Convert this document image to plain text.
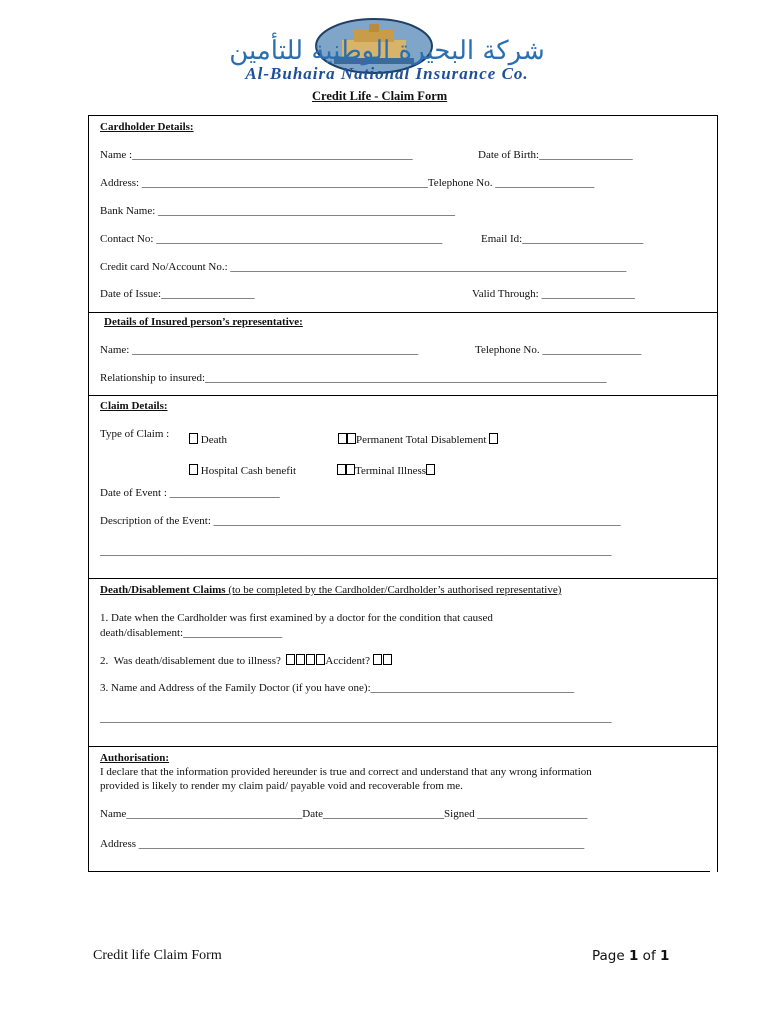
شركة البحيرة الوطنية للتأمين
Al-Buhaira National Insurance Co.
Credit Life - Claim Form
Cardholder Details:
Name :___________________________________________________	Date of Birth:_________________
Address: ____________________________________________________Telephone No. __________________
Bank Name: ______________________________________________________
Contact No: ____________________________________________________	Email Id:______________________
Credit card No/Account No.: ________________________________________________________________________
Date of Issue:_________________	Valid Through: _________________
Details of Insured person’s representative:
Name: ____________________________________________________	Telephone No. __________________
Relationship to insured:_________________________________________________________________________
Claim Details:
Type of Claim :	Death	Permanent Total Disablement
Hospital Cash benefit	Terminal Illness
Date of Event : ____________________
Description of the Event: __________________________________________________________________________
_____________________________________________________________________________________________
Death/Disablement Claims (to be completed by the Cardholder/Cardholder’s authorised representative)
1. Date when the Cardholder was first examined by a doctor for the condition that caused
death/disablement:__________________
2.  Was death/disablement due to illness?	Accident?
3. Name and Address of the Family Doctor (if you have one):_____________________________________
_____________________________________________________________________________________________
Authorisation:
I declare that the information provided hereunder is true and correct and understand that any wrong information
provided is likely to render my claim paid/ payable void and recoverable from me.
Name________________________________Date______________________Signed ____________________
Address _________________________________________________________________________________
Credit life Claim Form	Page 1 of 1
